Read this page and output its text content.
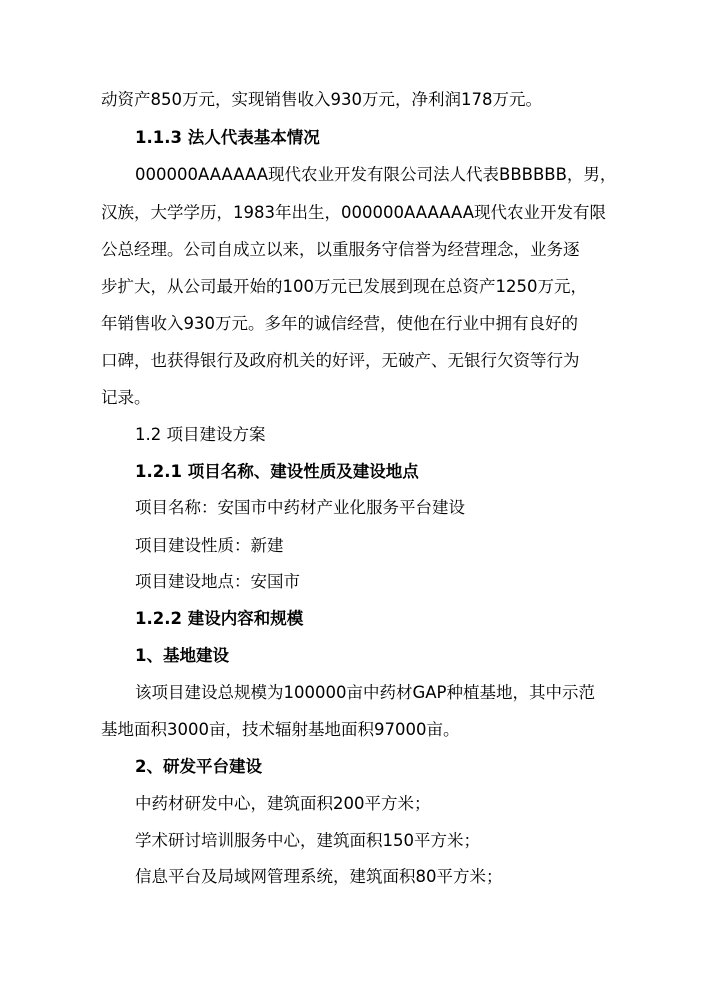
动资产850万元，实现销售收入930万元，净利润178万元。

1.1.3 法人代表基本情况

000000AAAAAA现代农业开发有限公司法人代表BBBBBB，男，

汉族，大学学历，1983年出生，000000AAAAAA现代农业开发有限

公总经理。公司自成立以来，以重服务守信誉为经营理念，业务逐

步扩大，从公司最开始的100万元已发展到现在总资产1250万元，

年销售收入930万元。多年的诚信经营，使他在行业中拥有良好的

口碑，也获得银行及政府机关的好评，无破产、无银行欠资等行为

记录。

1.2 项目建设方案

1.2.1 项目名称、建设性质及建设地点

项目名称：安国市中药材产业化服务平台建设

项目建设性质：新建

项目建设地点：安国市

1.2.2 建设内容和规模

1、基地建设

该项目建设总规模为100000亩中药材GAP种植基地，其中示范

基地面积3000亩，技术辐射基地面积97000亩。

2、研发平台建设

中药材研发中心，建筑面积200平方米；

学术研讨培训服务中心，建筑面积150平方米；

信息平台及局域网管理系统，建筑面积80平方米；
